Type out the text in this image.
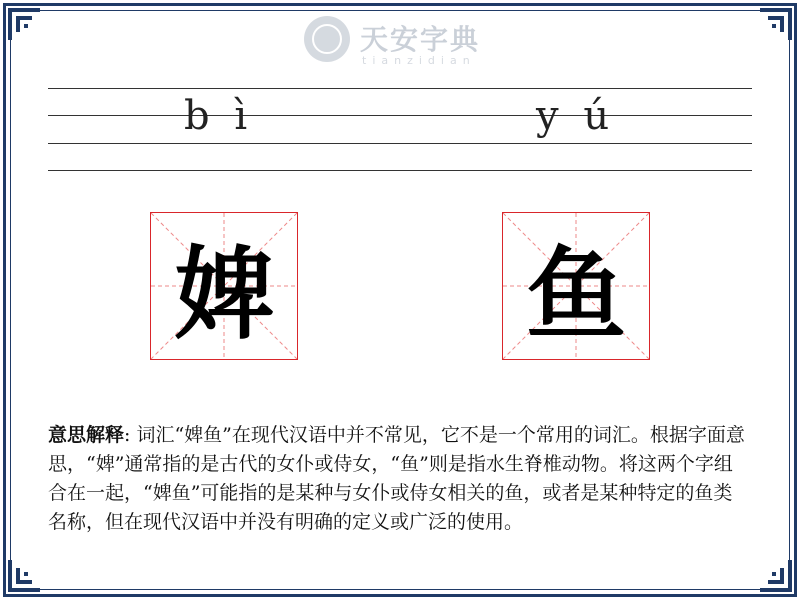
天安字典
tianzidian
b ì	y ú
婢	鱼
意思解释: 词汇“婢鱼”在现代汉语中并不常见，它不是一个常用的词汇。根据字面意思，“婢”通常指的是古代的女仆或侍女，“鱼”则是指水生脊椎动物。将这两个字组合在一起，“婢鱼”可能指的是某种与女仆或侍女相关的鱼，或者是某种特定的鱼类名称，但在现代汉语中并没有明确的定义或广泛的使用。
